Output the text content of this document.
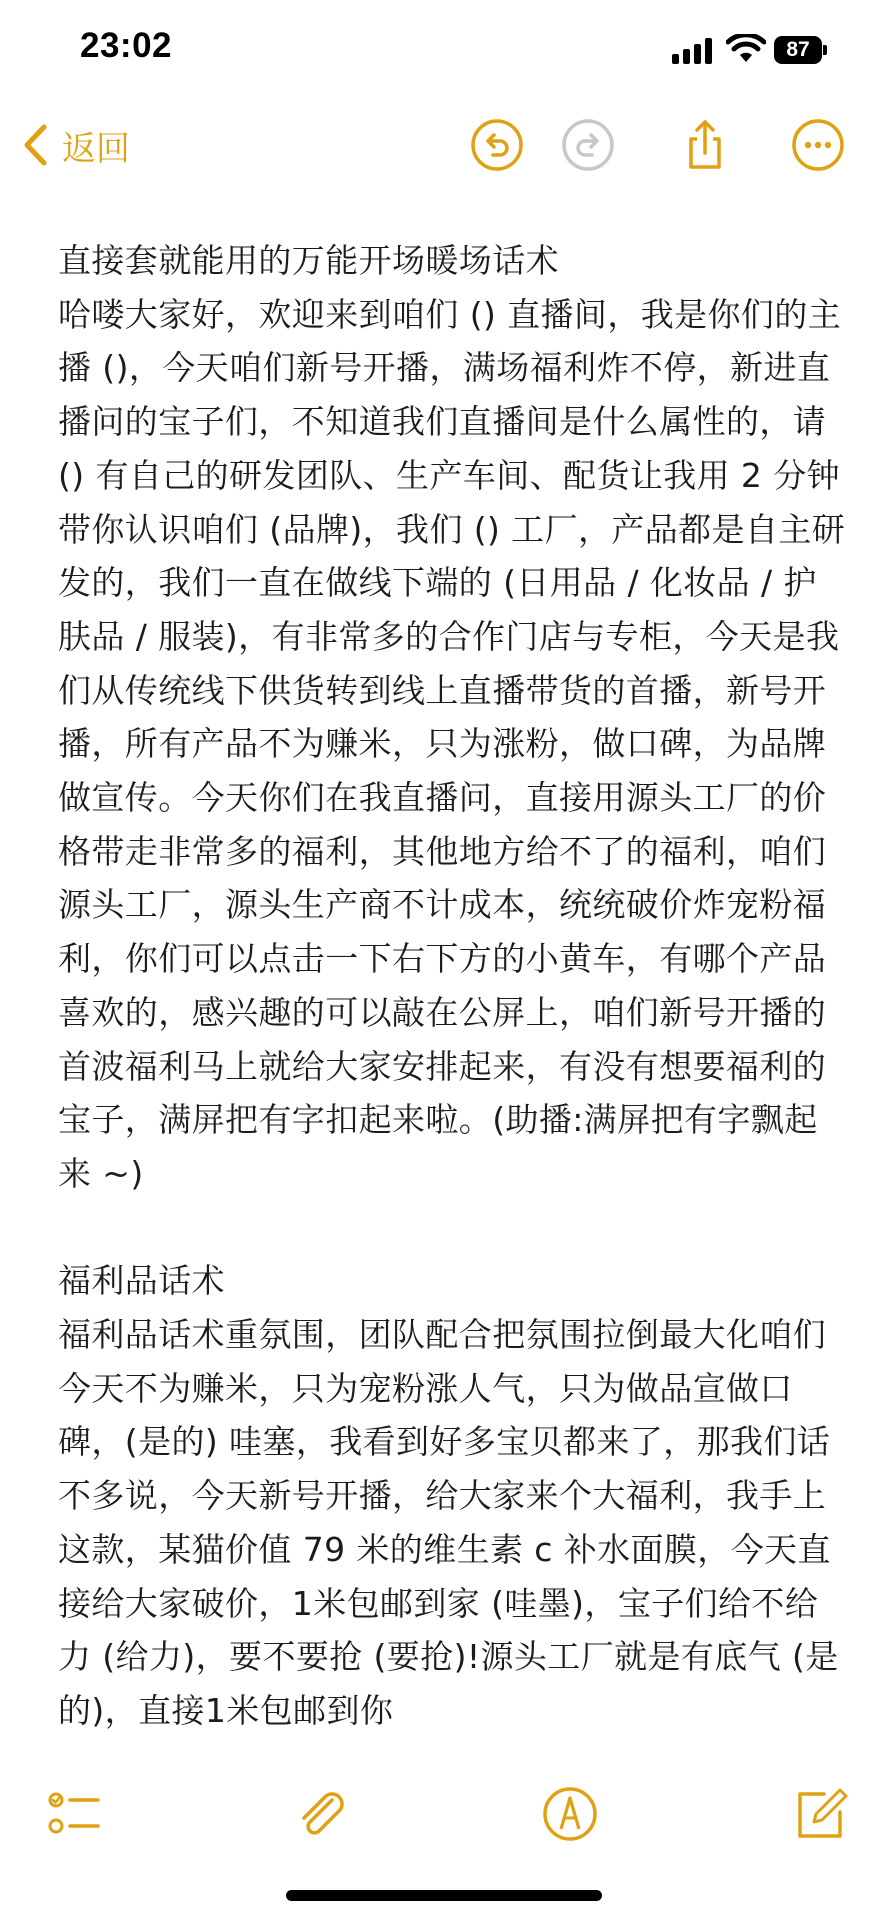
23:02	87
返回

直接套就能用的万能开场暖场话术

哈喽大家好，欢迎来到咱们 () 直播间，我是你们的主播 ()，今天咱们新号开播，满场福利炸不停，新进直播问的宝子们，不知道我们直播间是什么属性的，请 () 有自己的研发团队、生产车间、配货让我用 2 分钟带你认识咱们 (品牌)，我们 () 工厂，产品都是自主研发的，我们一直在做线下端的 (日用品 / 化妆品 / 护肤品 / 服装)，有非常多的合作门店与专柜，今天是我们从传统线下供货转到线上直播带货的首播，新号开播，所有产品不为赚米，只为涨粉，做口碑，为品牌做宣传。今天你们在我直播问，直接用源头工厂的价格带走非常多的福利，其他地方给不了的福利，咱们源头工厂，源头生产商不计成本，统统破价炸宠粉福利，你们可以点击一下右下方的小黄车，有哪个产品喜欢的，感兴趣的可以敲在公屏上，咱们新号开播的首波福利马上就给大家安排起来，有没有想要福利的宝子，满屏把有字扣起来啦。(助播:满屏把有字飘起来 ~)

福利品话术

福利品话术重氛围，团队配合把氛围拉倒最大化咱们今天不为赚米，只为宠粉涨人气，只为做品宣做口碑，(是的) 哇塞，我看到好多宝贝都来了，那我们话不多说，今天新号开播，给大家来个大福利，我手上这款，某猫价值 79 米的维生素 c 补水面膜，今天直接给大家破价，1米包邮到家 (哇墨)，宝子们给不给力 (给力)，要不要抢 (要抢)!源头工厂就是有底气 (是的)，直接1米包邮到你
